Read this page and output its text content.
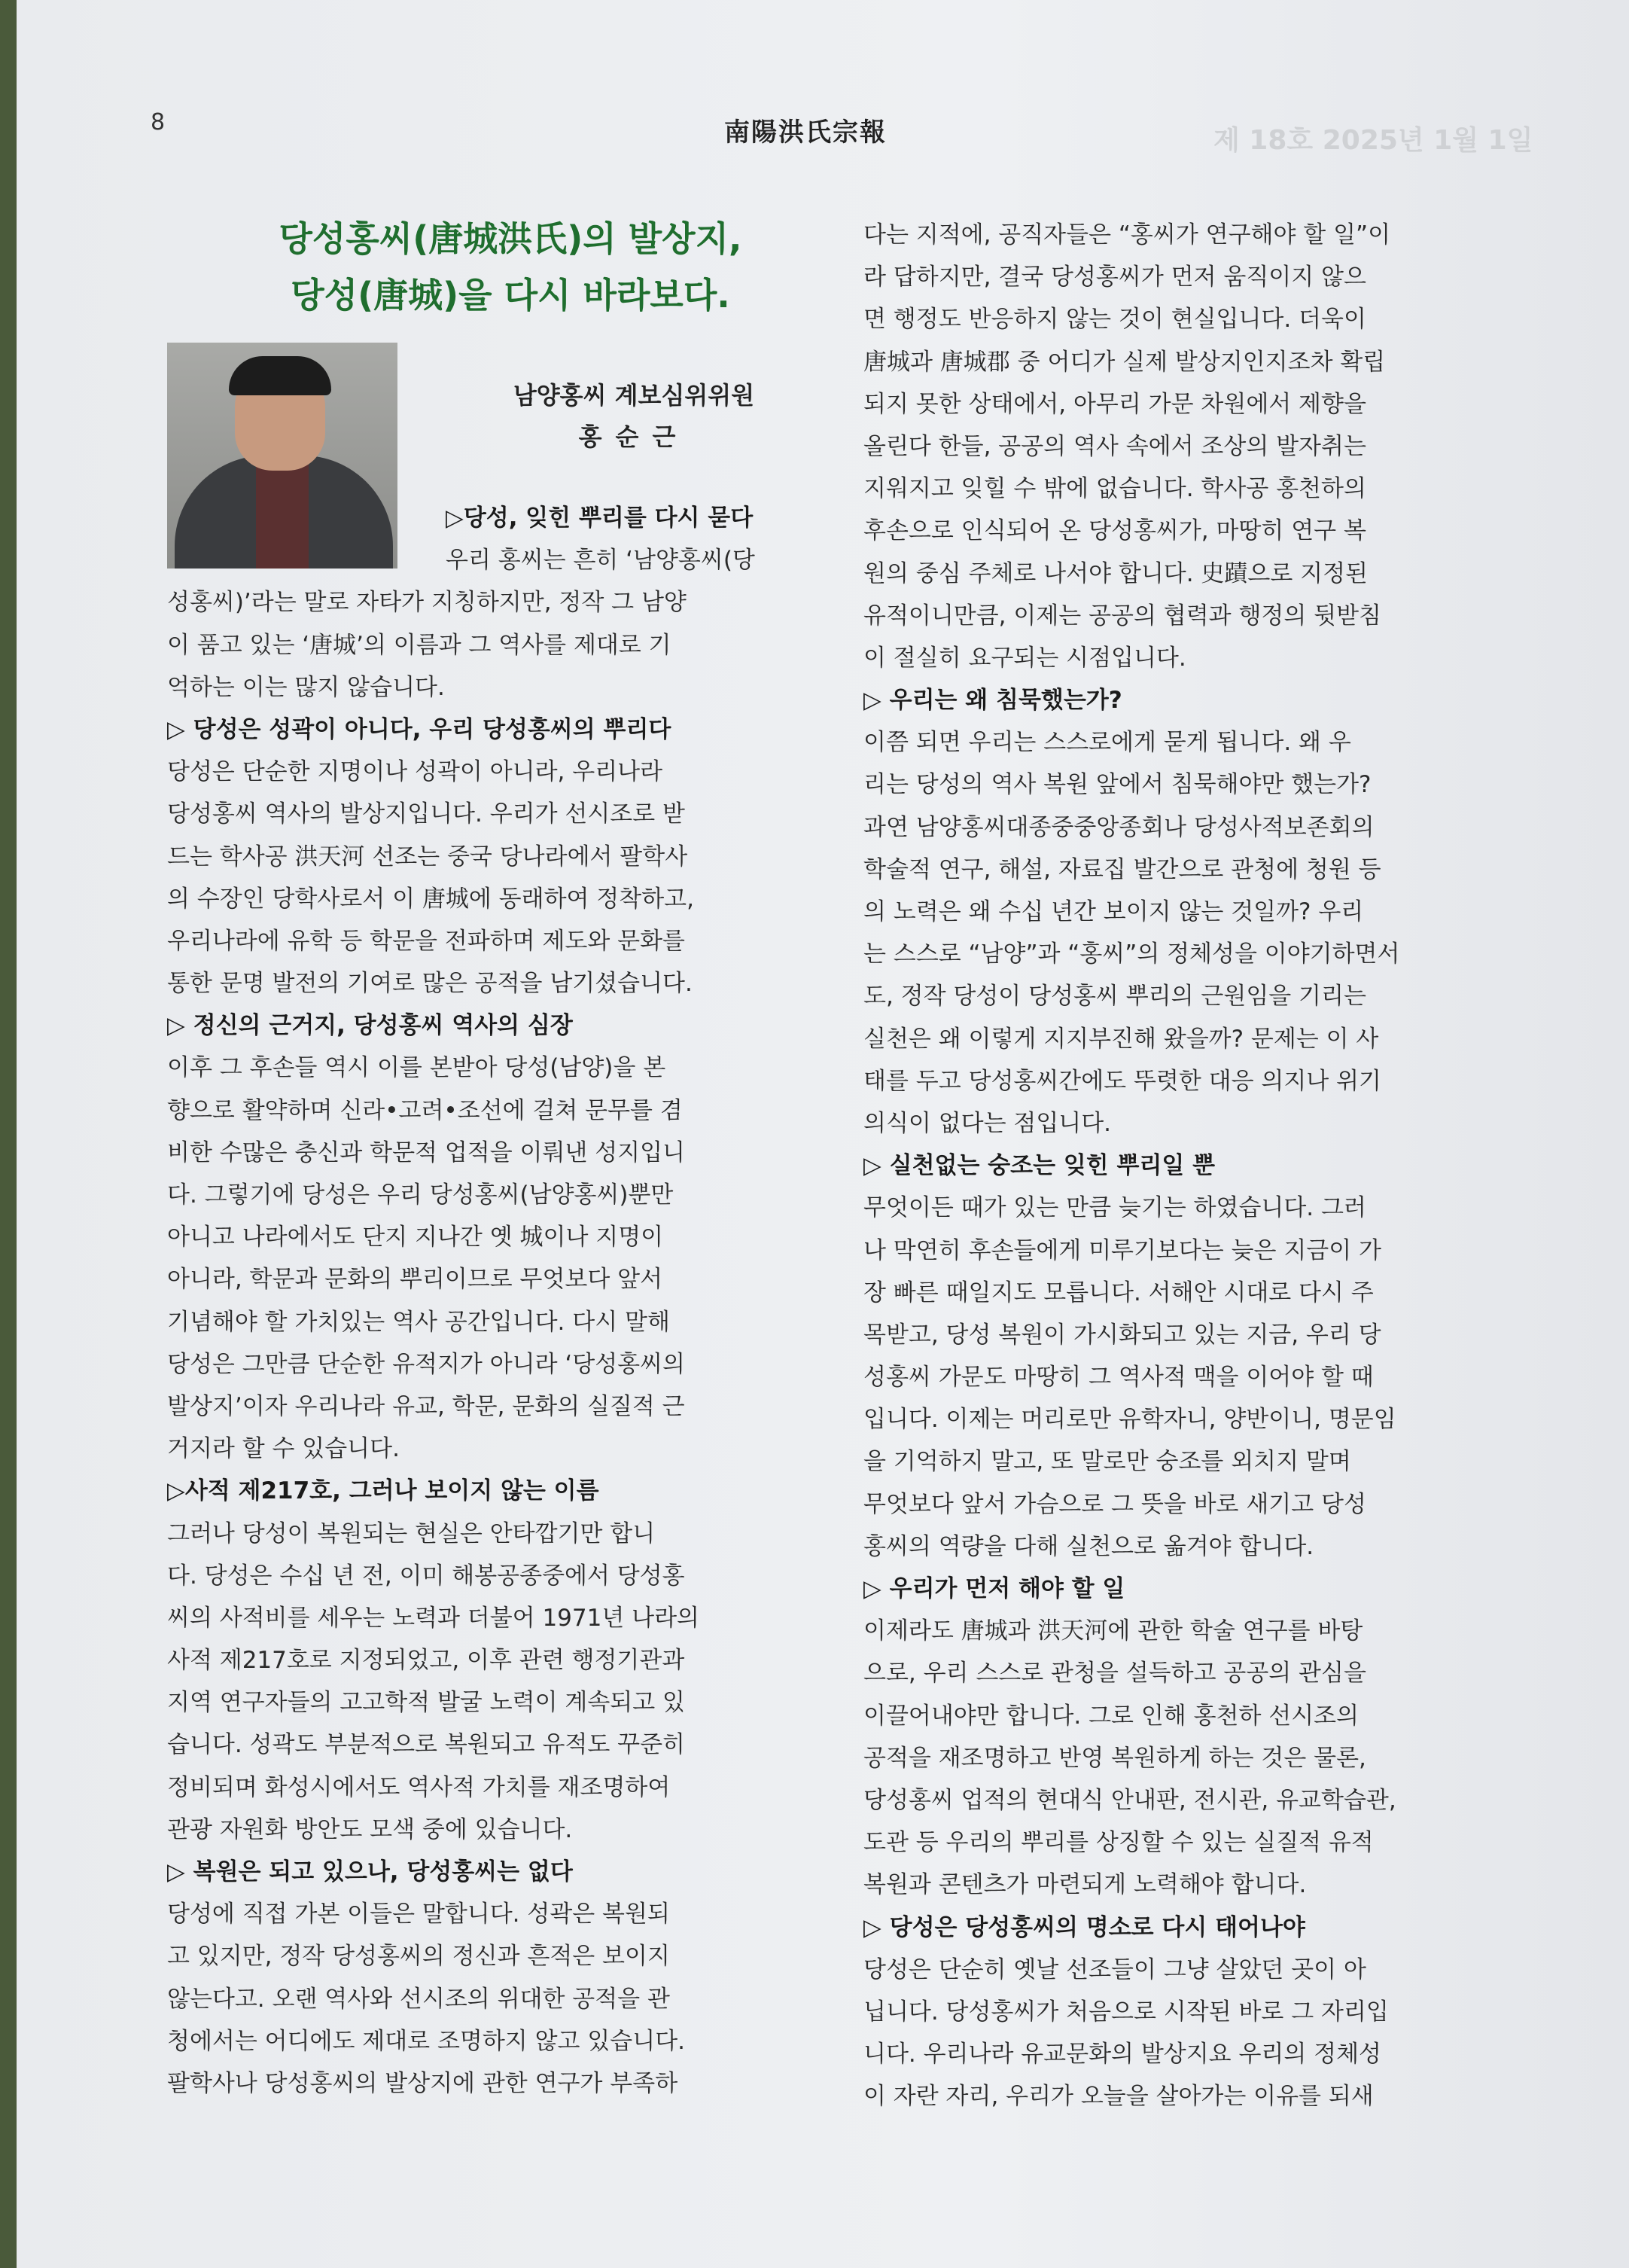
8	南陽洪氏宗報	제 18호 2025년 1월 1일
당성홍씨(唐城洪氏)의 발상지,
당성(唐城)을 다시 바라보다.
남양홍씨 계보심위위원
홍순근
▷당성, 잊힌 뿌리를 다시 묻다
우리 홍씨는 흔히 ‘남양홍씨(당
성홍씨)’라는 말로 자타가 지칭하지만, 정작 그 남양
이 품고 있는 ‘唐城’의 이름과 그 역사를 제대로 기
억하는 이는 많지 않습니다.
▷ 당성은 성곽이 아니다, 우리 당성홍씨의 뿌리다
당성은 단순한 지명이나 성곽이 아니라, 우리나라
당성홍씨 역사의 발상지입니다. 우리가 선시조로 받
드는 학사공 洪天河 선조는 중국 당나라에서 팔학사
의 수장인 당학사로서 이 唐城에 동래하여 정착하고,
우리나라에 유학 등 학문을 전파하며 제도와 문화를
통한 문명 발전의 기여로 많은 공적을 남기셨습니다.
▷ 정신의 근거지, 당성홍씨 역사의 심장
이후 그 후손들 역시 이를 본받아 당성(남양)을 본
향으로 활약하며 신라•고려•조선에 걸쳐 문무를 겸
비한 수많은 충신과 학문적 업적을 이뤄낸 성지입니
다. 그렇기에 당성은 우리 당성홍씨(남양홍씨)뿐만
아니고 나라에서도 단지 지나간 옛 城이나 지명이
아니라, 학문과 문화의 뿌리이므로 무엇보다 앞서
기념해야 할 가치있는 역사 공간입니다. 다시 말해
당성은 그만큼 단순한 유적지가 아니라 ‘당성홍씨의
발상지’이자 우리나라 유교, 학문, 문화의 실질적 근
거지라 할 수 있습니다.
▷사적 제217호, 그러나 보이지 않는 이름
그러나 당성이 복원되는 현실은 안타깝기만 합니
다. 당성은 수십 년 전, 이미 해봉공종중에서 당성홍
씨의 사적비를 세우는 노력과 더불어 1971년 나라의
사적 제217호로 지정되었고, 이후 관련 행정기관과
지역 연구자들의 고고학적 발굴 노력이 계속되고 있
습니다. 성곽도 부분적으로 복원되고 유적도 꾸준히
정비되며 화성시에서도 역사적 가치를 재조명하여
관광 자원화 방안도 모색 중에 있습니다.
▷ 복원은 되고 있으나, 당성홍씨는 없다
당성에 직접 가본 이들은 말합니다. 성곽은 복원되
고 있지만, 정작 당성홍씨의 정신과 흔적은 보이지
않는다고. 오랜 역사와 선시조의 위대한 공적을 관
청에서는 어디에도 제대로 조명하지 않고 있습니다.
팔학사나 당성홍씨의 발상지에 관한 연구가 부족하
다는 지적에, 공직자들은 “홍씨가 연구해야 할 일”이
라 답하지만, 결국 당성홍씨가 먼저 움직이지 않으
면 행정도 반응하지 않는 것이 현실입니다. 더욱이
唐城과 唐城郡 중 어디가 실제 발상지인지조차 확립
되지 못한 상태에서, 아무리 가문 차원에서 제향을
올린다 한들, 공공의 역사 속에서 조상의 발자취는
지워지고 잊힐 수 밖에 없습니다. 학사공 홍천하의
후손으로 인식되어 온 당성홍씨가, 마땅히 연구 복
원의 중심 주체로 나서야 합니다. 史蹟으로 지정된
유적이니만큼, 이제는 공공의 협력과 행정의 뒷받침
이 절실히 요구되는 시점입니다.
▷ 우리는 왜 침묵했는가?
이쯤 되면 우리는 스스로에게 묻게 됩니다. 왜 우
리는 당성의 역사 복원 앞에서 침묵해야만 했는가?
과연 남양홍씨대종중중앙종회나 당성사적보존회의
학술적 연구, 해설, 자료집 발간으로 관청에 청원 등
의 노력은 왜 수십 년간 보이지 않는 것일까? 우리
는 스스로 “남양”과 “홍씨”의 정체성을 이야기하면서
도, 정작 당성이 당성홍씨 뿌리의 근원임을 기리는
실천은 왜 이렇게 지지부진해 왔을까? 문제는 이 사
태를 두고 당성홍씨간에도 뚜렷한 대응 의지나 위기
의식이 없다는 점입니다.
▷ 실천없는 숭조는 잊힌 뿌리일 뿐
무엇이든 때가 있는 만큼 늦기는 하였습니다. 그러
나 막연히 후손들에게 미루기보다는 늦은 지금이 가
장 빠른 때일지도 모릅니다. 서해안 시대로 다시 주
목받고, 당성 복원이 가시화되고 있는 지금, 우리 당
성홍씨 가문도 마땅히 그 역사적 맥을 이어야 할 때
입니다. 이제는 머리로만 유학자니, 양반이니, 명문임
을 기억하지 말고, 또 말로만 숭조를 외치지 말며
무엇보다 앞서 가슴으로 그 뜻을 바로 새기고 당성
홍씨의 역량을 다해 실천으로 옮겨야 합니다.
▷ 우리가 먼저 해야 할 일
이제라도 唐城과 洪天河에 관한 학술 연구를 바탕
으로, 우리 스스로 관청을 설득하고 공공의 관심을
이끌어내야만 합니다. 그로 인해 홍천하 선시조의
공적을 재조명하고 반영 복원하게 하는 것은 물론,
당성홍씨 업적의 현대식 안내판, 전시관, 유교학습관,
도관 등 우리의 뿌리를 상징할 수 있는 실질적 유적
복원과 콘텐츠가 마련되게 노력해야 합니다.
▷ 당성은 당성홍씨의 명소로 다시 태어나야
당성은 단순히 옛날 선조들이 그냥 살았던 곳이 아
닙니다. 당성홍씨가 처음으로 시작된 바로 그 자리입
니다. 우리나라 유교문화의 발상지요 우리의 정체성
이 자란 자리, 우리가 오늘을 살아가는 이유를 되새
